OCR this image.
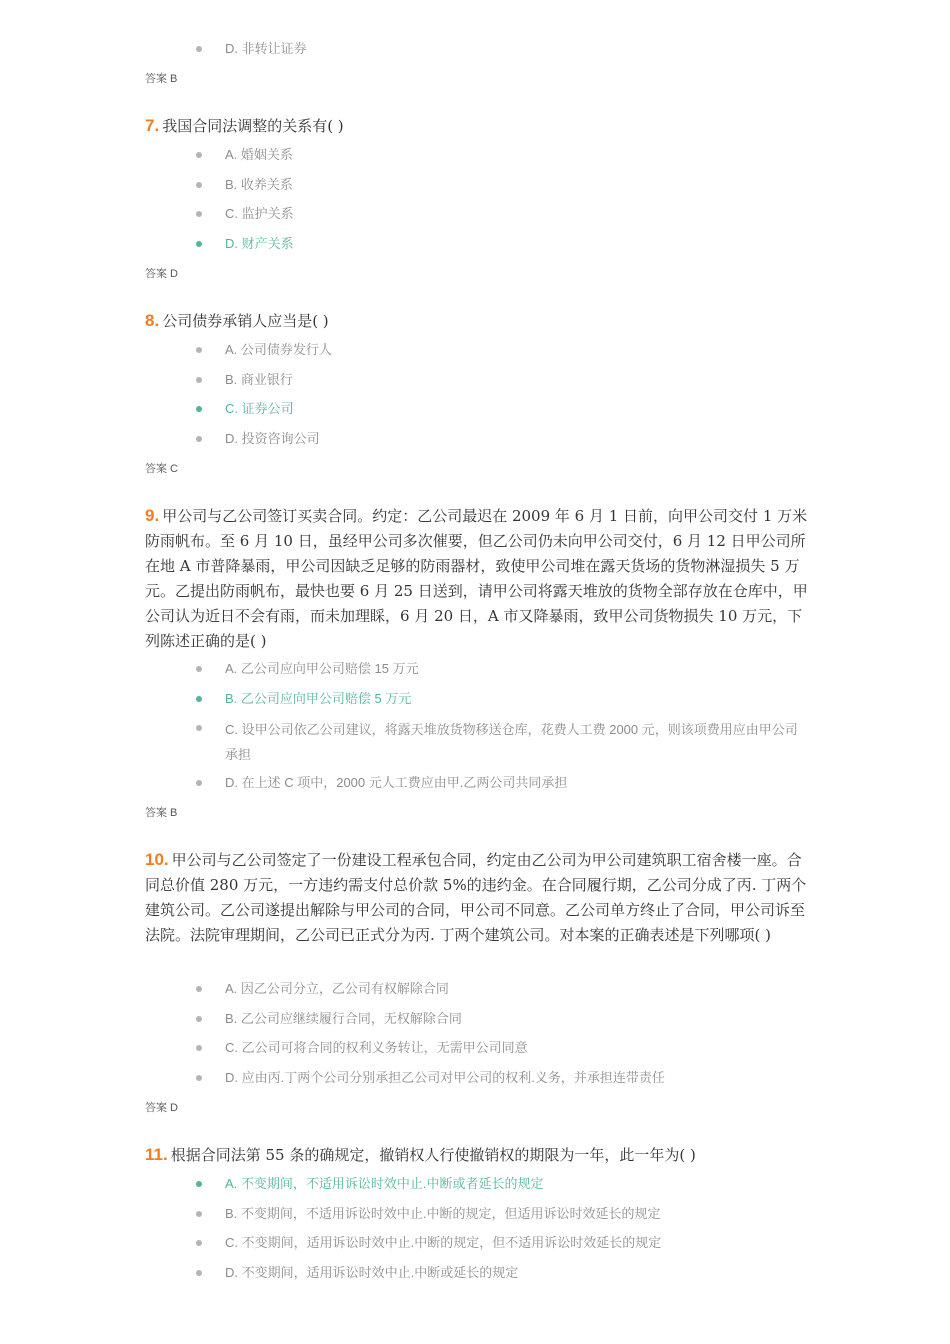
D. 非转让证券
答案 B
7. 我国合同法调整的关系有( )
A. 婚姻关系
B. 收养关系
C. 监护关系
D. 财产关系
答案 D
8. 公司债券承销人应当是( )
A. 公司债券发行人
B. 商业银行
C. 证券公司
D. 投资咨询公司
答案 C
9. 甲公司与乙公司签订买卖合同。约定：乙公司最迟在 2009 年 6 月 1 日前，向甲公司交付 1 万米防雨帆布。至 6 月 10 日，虽经甲公司多次催要，但乙公司仍未向甲公司交付，6 月 12 日甲公司所在地 A 市普降暴雨，甲公司因缺乏足够的防雨器材，致使甲公司堆在露天货场的货物淋湿损失 5 万元。乙提出防雨帆布，最快也要 6 月 25 日送到，请甲公司将露天堆放的货物全部存放在仓库中，甲公司认为近日不会有雨，而未加理睬，6 月 20 日，A 市又降暴雨，致甲公司货物损失 10 万元，下列陈述正确的是( )
A. 乙公司应向甲公司赔偿 15 万元
B. 乙公司应向甲公司赔偿 5 万元
C. 设甲公司依乙公司建议，将露天堆放货物移送仓库，花费人工费 2000 元，则该项费用应由甲公司承担
D. 在上述 C 项中，2000 元人工费应由甲.乙两公司共同承担
答案 B
10. 甲公司与乙公司签定了一份建设工程承包合同，约定由乙公司为甲公司建筑职工宿舍楼一座。合同总价值 280 万元，一方违约需支付总价款 5%的违约金。在合同履行期，乙公司分成了丙. 丁两个建筑公司。乙公司遂提出解除与甲公司的合同，甲公司不同意。乙公司单方终止了合同，甲公司诉至法院。法院审理期间，乙公司已正式分为丙. 丁两个建筑公司。对本案的正确表述是下列哪项( )
A. 因乙公司分立，乙公司有权解除合同
B. 乙公司应继续履行合同，无权解除合同
C. 乙公司可将合同的权利义务转让，无需甲公司同意
D. 应由丙.丁两个公司分别承担乙公司对甲公司的权利.义务，并承担连带责任
答案 D
11. 根据合同法第 55 条的确规定，撤销权人行使撤销权的期限为一年，此一年为( )
A. 不变期间，不适用诉讼时效中止.中断或者延长的规定
B. 不变期间，不适用诉讼时效中止.中断的规定，但适用诉讼时效延长的规定
C. 不变期间，适用诉讼时效中止.中断的规定，但不适用诉讼时效延长的规定
D. 不变期间，适用诉讼时效中止.中断或延长的规定
